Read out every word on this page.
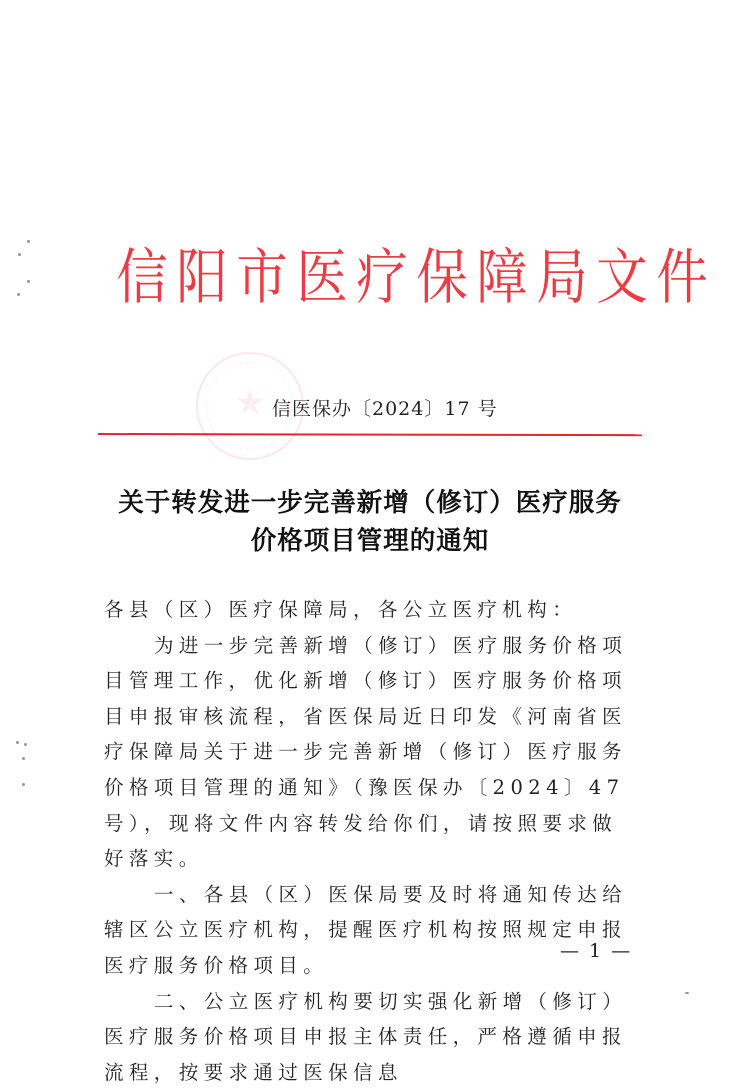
信 阳 市 医 疗 保 障 局 文 件
★ 信医保办〔2024〕17 号
关于转发进一步完善新增（修订）医疗服务
价格项目管理的通知

各县（区）医疗保障局，各公立医疗机构：

为进一步完善新增（修订）医疗服务价格项目管理工作，优化新增（修订）医疗服务价格项目申报审核流程，省医保局近日印发《河南省医疗保障局关于进一步完善新增（修订）医疗服务价格项目管理的通知》（豫医保办〔2024〕47 号），现将文件内容转发给你们，请按照要求做好落实。

一、各县（区）医保局要及时将通知传达给辖区公立医疗机构，提醒医疗机构按照规定申报医疗服务价格项目。

二、公立医疗机构要切实强化新增（修订）医疗服务价格项目申报主体责任，严格遵循申报流程，按要求通过医保信息

— 1 —
